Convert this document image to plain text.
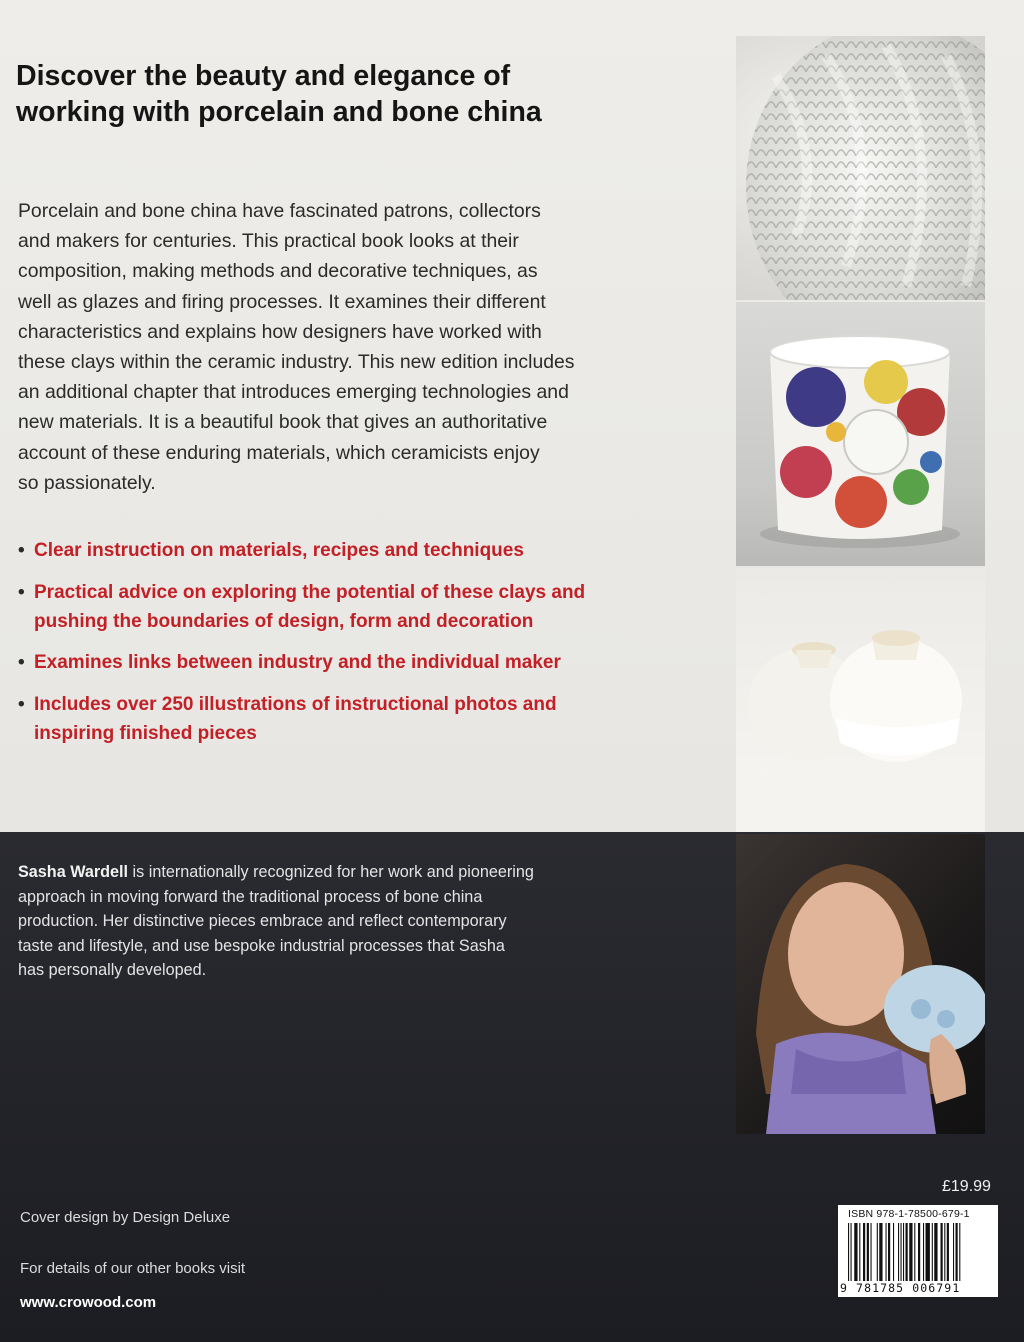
Discover the beauty and elegance of
working with porcelain and bone china

Porcelain and bone china have fascinated patrons, collectors
and makers for centuries. This practical book looks at their
composition, making methods and decorative techniques, as
well as glazes and firing processes. It examines their different
characteristics and explains how designers have worked with
these clays within the ceramic industry. This new edition includes
an additional chapter that introduces emerging technologies and
new materials. It is a beautiful book that gives an authoritative
account of these enduring materials, which ceramicists enjoy
so passionately.

• Clear instruction on materials, recipes and techniques
• Practical advice on exploring the potential of these clays and
pushing the boundaries of design, form and decoration
• Examines links between industry and the individual maker
• Includes over 250 illustrations of instructional photos and
inspiring finished pieces

Sasha Wardell is internationally recognized for her work and pioneering
approach in moving forward the traditional process of bone china
production. Her distinctive pieces embrace and reflect contemporary
taste and lifestyle, and use bespoke industrial processes that Sasha
has personally developed.

Cover design by Design Deluxe

For details of our other books visit

www.crowood.com

£19.99
ISBN 978-1-78500-679-1
9 781785 006791
